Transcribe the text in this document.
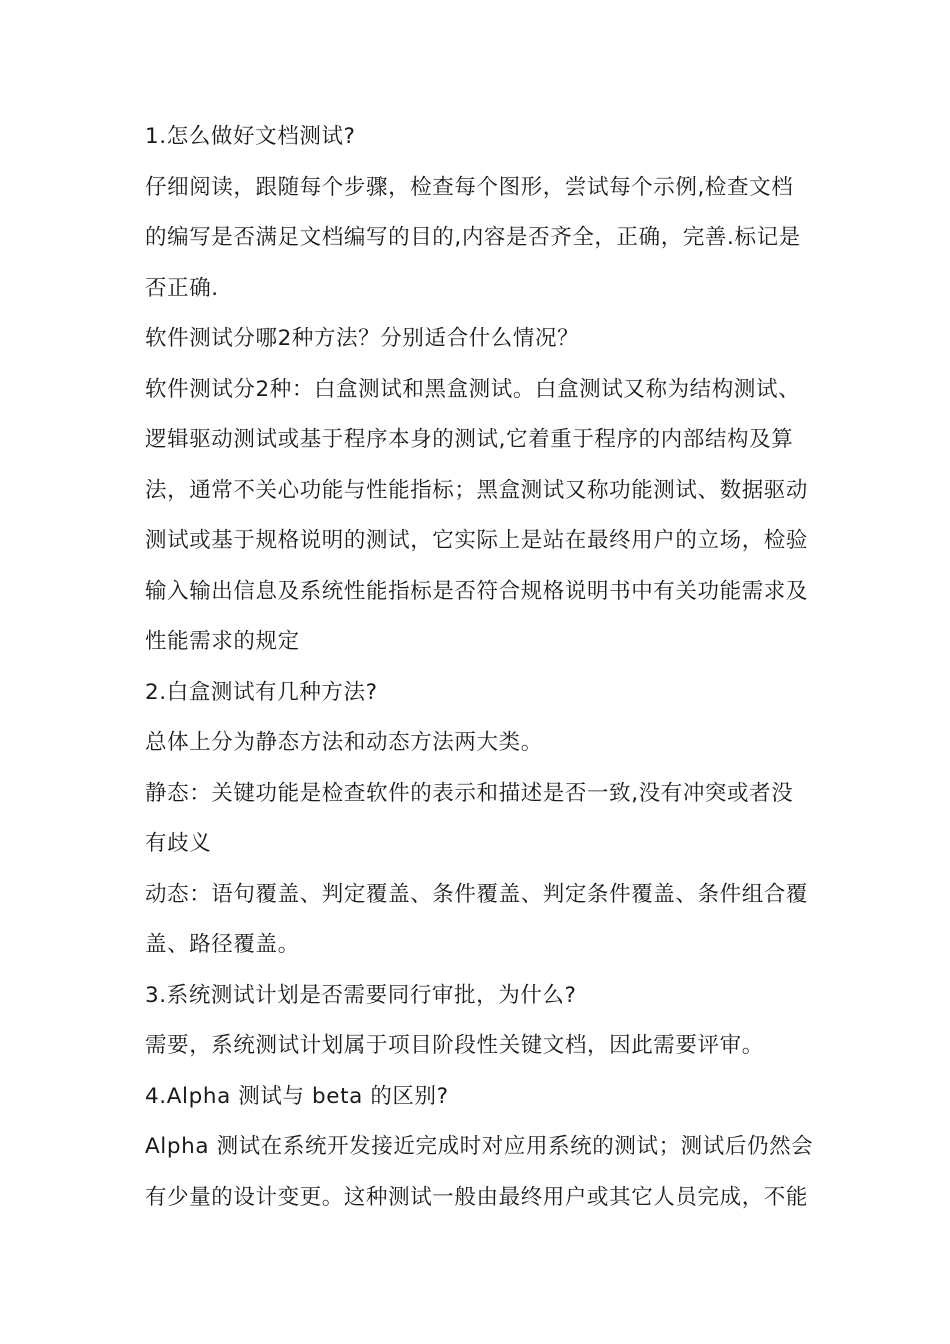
1.怎么做好文档测试?

仔细阅读，跟随每个步骤，检查每个图形，尝试每个示例,检查文档的编写是否满足文档编写的目的,内容是否齐全，正确，完善.标记是否正确.

软件测试分哪2种方法？分别适合什么情况？

软件测试分2种：白盒测试和黑盒测试。白盒测试又称为结构测试、逻辑驱动测试或基于程序本身的测试,它着重于程序的内部结构及算法，通常不关心功能与性能指标；黑盒测试又称功能测试、数据驱动测试或基于规格说明的测试，它实际上是站在最终用户的立场，检验输入输出信息及系统性能指标是否符合规格说明书中有关功能需求及性能需求的规定

2.白盒测试有几种方法?

总体上分为静态方法和动态方法两大类。

静态：关键功能是检查软件的表示和描述是否一致,没有冲突或者没有歧义

动态：语句覆盖、判定覆盖、条件覆盖、判定条件覆盖、条件组合覆盖、路径覆盖。

3.系统测试计划是否需要同行审批，为什么?

需要，系统测试计划属于项目阶段性关键文档，因此需要评审。

4.Alpha 测试与 beta 的区别?

Alpha 测试在系统开发接近完成时对应用系统的测试；测试后仍然会有少量的设计变更。这种测试一般由最终用户或其它人员完成，不能
